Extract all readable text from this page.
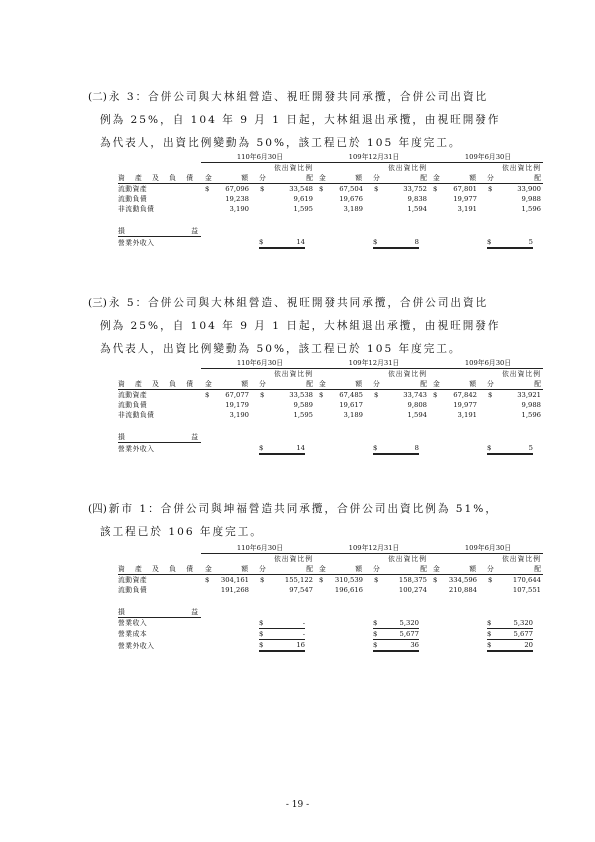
(二) 永 3：合併公司與大林組營造、視旺開發共同承攬，合併公司出資比
例為 25%，自 104 年 9 月 1 日起，大林組退出承攬，由視旺開發作
為代表人，出資比例變動為 50%，該工程已於 105 年度完工。
	110年6月30日		109年12月31日		109年6月30日	
		依出資比例		依出資比例		依出資比例

資 產 及 負 債	金 額	分 配	金 額	分 配	金 額	分 配

流動資產	$ 67,096	$ 33,548	$ 67,504	$ 33,752	$ 67,801	$ 33,900

流動負債	19,238	9,619	19,676	9,838	19,977	9,988

非流動負債	3,190	1,595	3,189	1,594	3,191	1,596

損 益						

營業外收入		$ 14		$ 8		$ 5
(三) 永 5：合併公司與大林組營造、視旺開發共同承攬，合併公司出資比
例為 25%，自 104 年 9 月 1 日起，大林組退出承攬，由視旺開發作
為代表人，出資比例變動為 50%，該工程已於 105 年度完工。
	110年6月30日		109年12月31日		109年6月30日	
		依出資比例		依出資比例		依出資比例

資 產 及 負 債	金 額	分 配	金 額	分 配	金 額	分 配

流動資產	$ 67,077	$ 33,538	$ 67,485	$ 33,743	$ 67,842	$ 33,921

流動負債	19,179	9,589	19,617	9,808	19,977	9,988

非流動負債	3,190	1,595	3,189	1,594	3,191	1,596

損 益						

營業外收入		$ 14		$ 8		$ 5
(四) 新市 1：合併公司與坤福營造共同承攬，合併公司出資比例為 51%，
該工程已於 106 年度完工。
	110年6月30日		109年12月31日		109年6月30日	
		依出資比例		依出資比例		依出資比例

資 產 及 負 債	金 額	分 配	金 額	分 配	金 額	分 配

流動資產	$ 304,161	$ 155,122	$ 310,539	$ 158,375	$ 334,596	$ 170,644

流動負債	191,268	97,547	196,616	100,274	210,884	107,551

損 益						

營業收入		$ -		$ 5,320		$ 5,320

營業成本		$ -		$ 5,677		$ 5,677

營業外收入		$ 16		$ 36		$ 20
- 19 -
